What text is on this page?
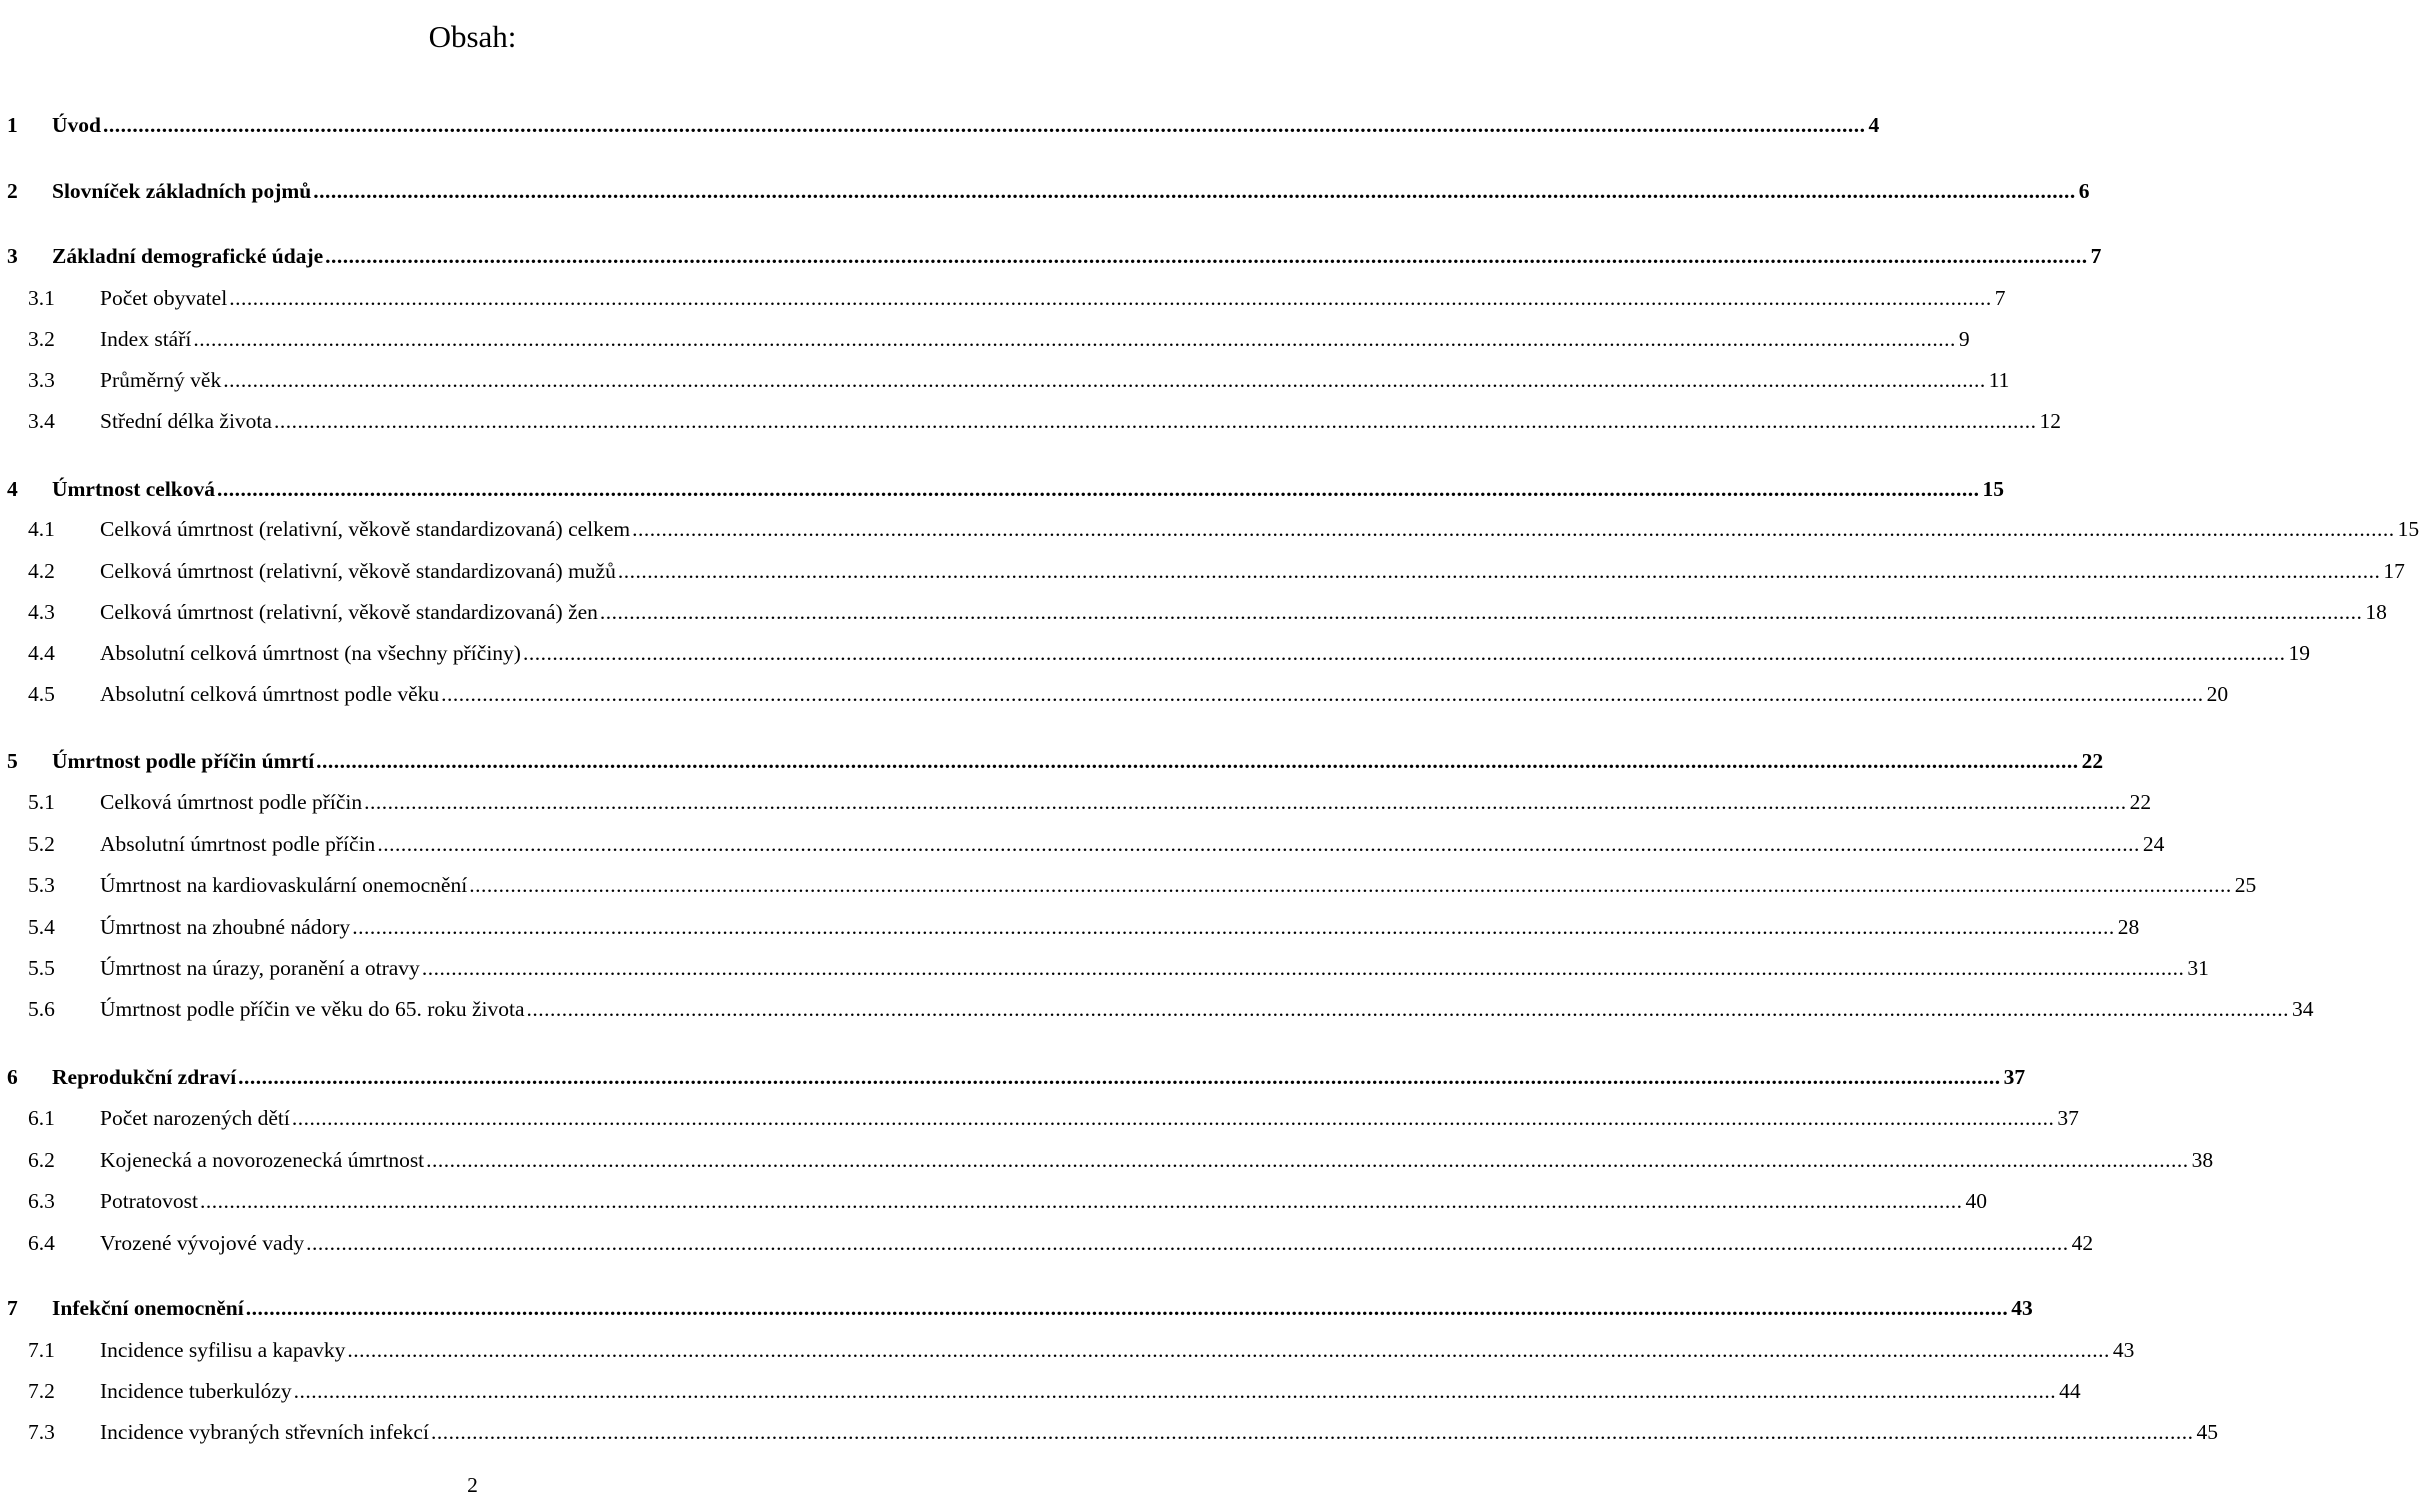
Obsah:
1 Úvod ............................................................................................................................................................................................................................................................................................................ 4
2 Slovníček základních pojmů ............................................................................................................................................................................................................................................................................................................ 6
3 Základní demografické údaje ............................................................................................................................................................................................................................................................................................................ 7
3.1 Počet obyvatel ............................................................................................................................................................................................................................................................................................................ 7
3.2 Index stáří ............................................................................................................................................................................................................................................................................................................ 9
3.3 Průměrný věk ............................................................................................................................................................................................................................................................................................................ 11
3.4 Střední délka života ............................................................................................................................................................................................................................................................................................................ 12
4 Úmrtnost celková ............................................................................................................................................................................................................................................................................................................ 15
4.1 Celková úmrtnost (relativní, věkově standardizovaná) celkem ............................................................................................................................................................................................................................................................................................................ 15
4.2 Celková úmrtnost (relativní, věkově standardizovaná) mužů ............................................................................................................................................................................................................................................................................................................ 17
4.3 Celková úmrtnost (relativní, věkově standardizovaná) žen ............................................................................................................................................................................................................................................................................................................ 18
4.4 Absolutní celková úmrtnost (na všechny příčiny) ............................................................................................................................................................................................................................................................................................................ 19
4.5 Absolutní celková úmrtnost podle věku ............................................................................................................................................................................................................................................................................................................ 20
5 Úmrtnost podle příčin úmrtí ............................................................................................................................................................................................................................................................................................................ 22
5.1 Celková úmrtnost podle příčin ............................................................................................................................................................................................................................................................................................................ 22
5.2 Absolutní úmrtnost podle příčin ............................................................................................................................................................................................................................................................................................................ 24
5.3 Úmrtnost na kardiovaskulární onemocnění ............................................................................................................................................................................................................................................................................................................ 25
5.4 Úmrtnost na zhoubné nádory ............................................................................................................................................................................................................................................................................................................ 28
5.5 Úmrtnost na úrazy, poranění a otravy ............................................................................................................................................................................................................................................................................................................ 31
5.6 Úmrtnost podle příčin ve věku do 65. roku života ............................................................................................................................................................................................................................................................................................................ 34
6 Reprodukční zdraví ............................................................................................................................................................................................................................................................................................................ 37
6.1 Počet narozených dětí ............................................................................................................................................................................................................................................................................................................ 37
6.2 Kojenecká a novorozenecká úmrtnost ............................................................................................................................................................................................................................................................................................................ 38
6.3 Potratovost ............................................................................................................................................................................................................................................................................................................ 40
6.4 Vrozené vývojové vady ............................................................................................................................................................................................................................................................................................................ 42
7 Infekční onemocnění ............................................................................................................................................................................................................................................................................................................ 43
7.1 Incidence syfilisu a kapavky ............................................................................................................................................................................................................................................................................................................ 43
7.2 Incidence tuberkulózy ............................................................................................................................................................................................................................................................................................................ 44
7.3 Incidence vybraných střevních infekcí ............................................................................................................................................................................................................................................................................................................ 45
2
